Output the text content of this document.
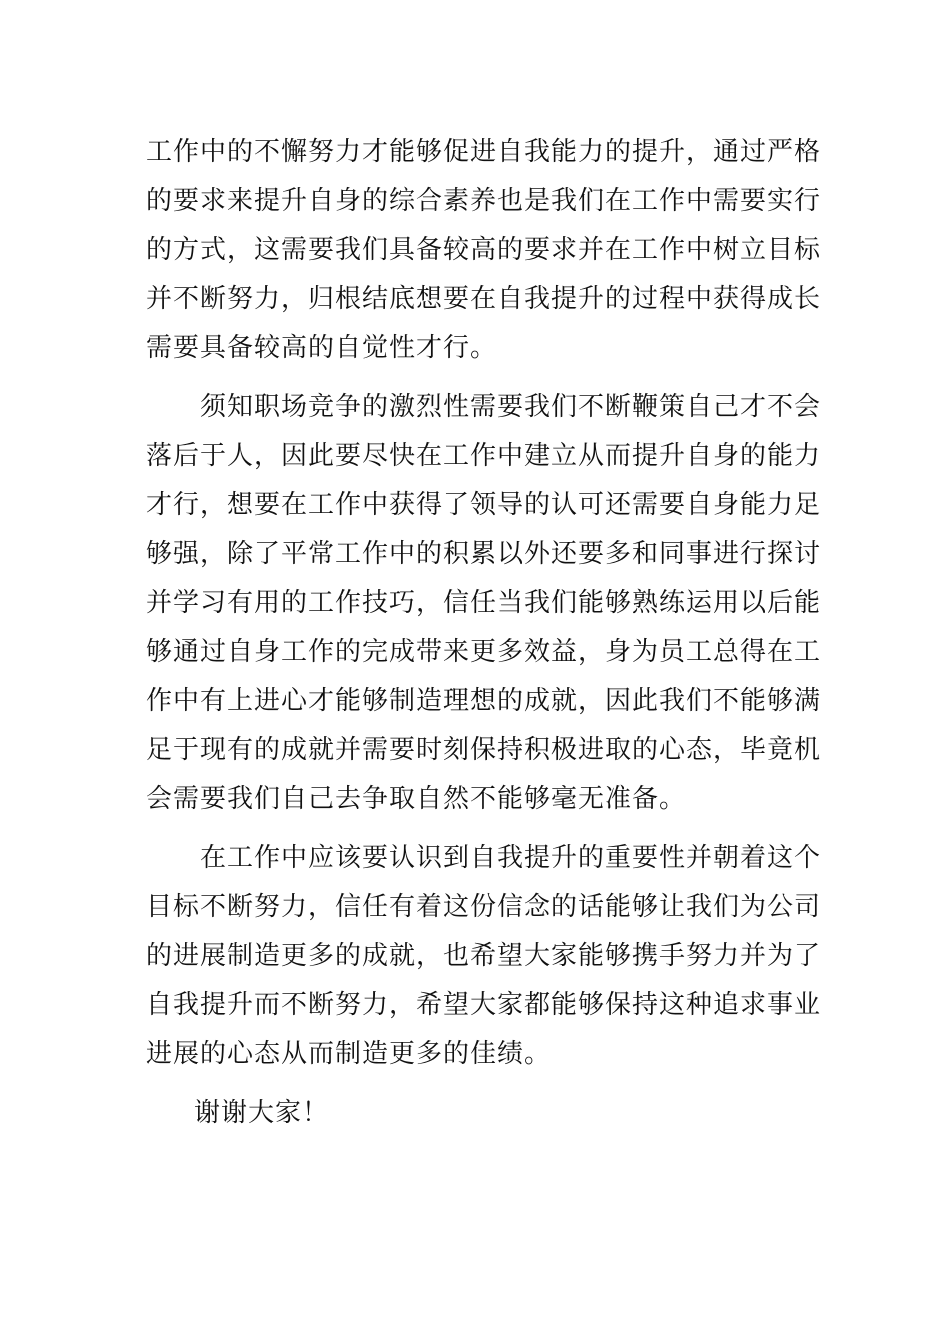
工作中的不懈努力才能够促进自我能力的提升，通过严格
的要求来提升自身的综合素养也是我们在工作中需要实行
的方式，这需要我们具备较高的要求并在工作中树立目标
并不断努力，归根结底想要在自我提升的过程中获得成长
需要具备较高的自觉性才行。
须知职场竞争的激烈性需要我们不断鞭策自己才不会
落后于人，因此要尽快在工作中建立从而提升自身的能力
才行，想要在工作中获得了领导的认可还需要自身能力足
够强，除了平常工作中的积累以外还要多和同事进行探讨
并学习有用的工作技巧，信任当我们能够熟练运用以后能
够通过自身工作的完成带来更多效益，身为员工总得在工
作中有上进心才能够制造理想的成就，因此我们不能够满
足于现有的成就并需要时刻保持积极进取的心态，毕竟机
会需要我们自己去争取自然不能够毫无准备。
在工作中应该要认识到自我提升的重要性并朝着这个
目标不断努力，信任有着这份信念的话能够让我们为公司
的进展制造更多的成就，也希望大家能够携手努力并为了
自我提升而不断努力，希望大家都能够保持这种追求事业
进展的心态从而制造更多的佳绩。
谢谢大家！
